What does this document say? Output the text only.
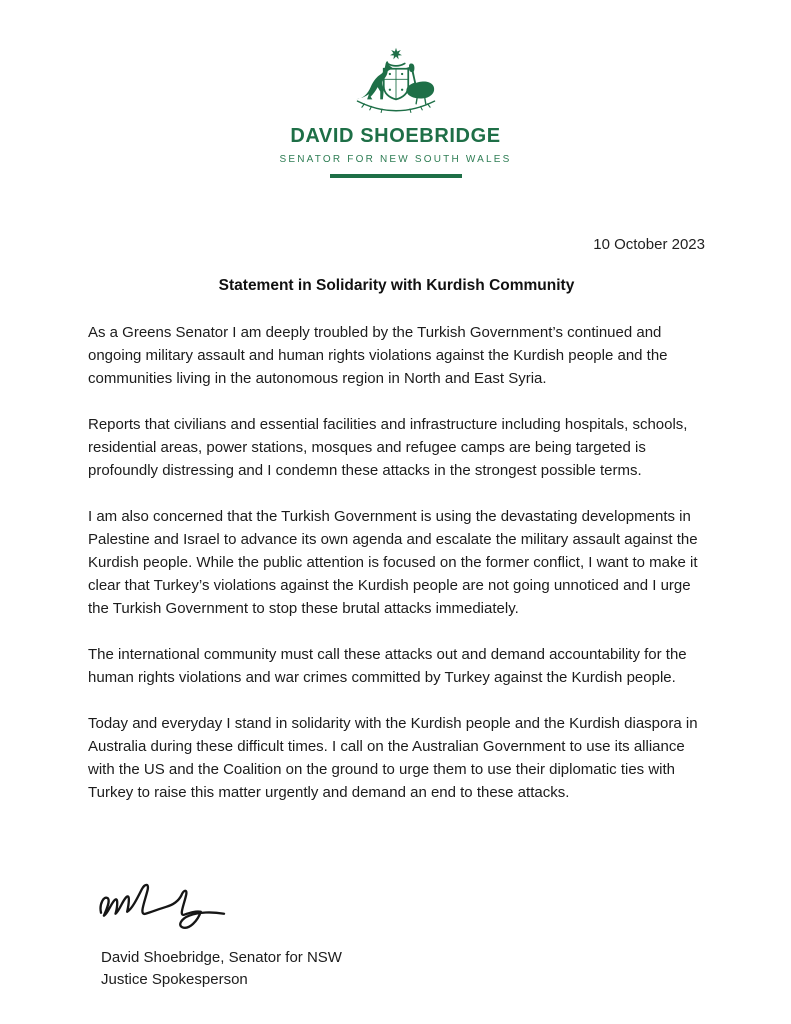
DAVID SHOEBRIDGE
SENATOR FOR NEW SOUTH WALES
10 October 2023
Statement in Solidarity with Kurdish Community

As a Greens Senator I am deeply troubled by the Turkish Government’s continued and ongoing military assault and human rights violations against the Kurdish people and the communities living in the autonomous region in North and East Syria.

Reports that civilians and essential facilities and infrastructure including hospitals, schools, residential areas, power stations, mosques and refugee camps are being targeted is profoundly distressing and I condemn these attacks in the strongest possible terms.

I am also concerned that the Turkish Government is using the devastating developments in Palestine and Israel to advance its own agenda and escalate the military assault against the Kurdish people. While the public attention is focused on the former conflict, I want to make it clear that Turkey’s violations against the Kurdish people are not going unnoticed and I urge the Turkish Government to stop these brutal attacks immediately.

The international community must call these attacks out and demand accountability for the human rights violations and war crimes committed by Turkey against the Kurdish people.

Today and everyday I stand in solidarity with the Kurdish people and the Kurdish diaspora in Australia during these difficult times. I call on the Australian Government to use its alliance with the US and the Coalition on the ground to urge them to use their diplomatic ties with Turkey to raise this matter urgently and demand an end to these attacks.

David Shoebridge, Senator for NSW
Justice Spokesperson
